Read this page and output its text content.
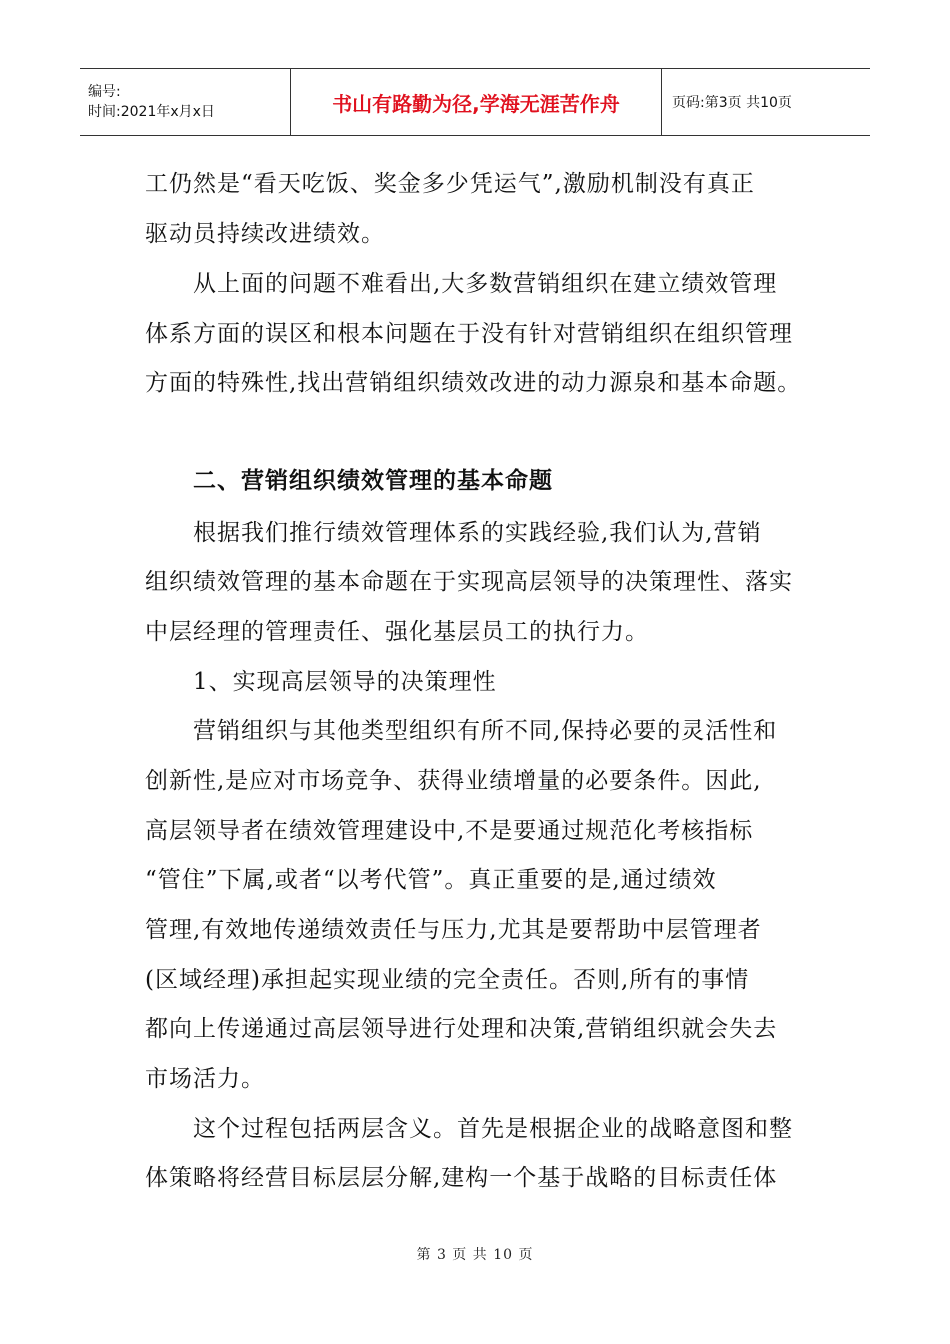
编号:
时间:2021年x月x日	书山有路勤为径,学海无涯苦作舟	页码:第3页 共10页
工仍然是“看天吃饭、奖金多少凭运气”,激励机制没有真正
驱动员持续改进绩效。
　　从上面的问题不难看出,大多数营销组织在建立绩效管理
体系方面的误区和根本问题在于没有针对营销组织在组织管理
方面的特殊性,找出营销组织绩效改进的动力源泉和基本命题。
　　二、营销组织绩效管理的基本命题
　　根据我们推行绩效管理体系的实践经验,我们认为,营销
组织绩效管理的基本命题在于实现高层领导的决策理性、落实
中层经理的管理责任、强化基层员工的执行力。
　　1、实现高层领导的决策理性
　　营销组织与其他类型组织有所不同,保持必要的灵活性和
创新性,是应对市场竞争、获得业绩增量的必要条件。因此,
高层领导者在绩效管理建设中,不是要通过规范化考核指标
“管住”下属,或者“以考代管”。真正重要的是,通过绩效
管理,有效地传递绩效责任与压力,尤其是要帮助中层管理者
(区域经理)承担起实现业绩的完全责任。否则,所有的事情
都向上传递通过高层领导进行处理和决策,营销组织就会失去
市场活力。
　　这个过程包括两层含义。首先是根据企业的战略意图和整
体策略将经营目标层层分解,建构一个基于战略的目标责任体
第 3 页 共 10 页
